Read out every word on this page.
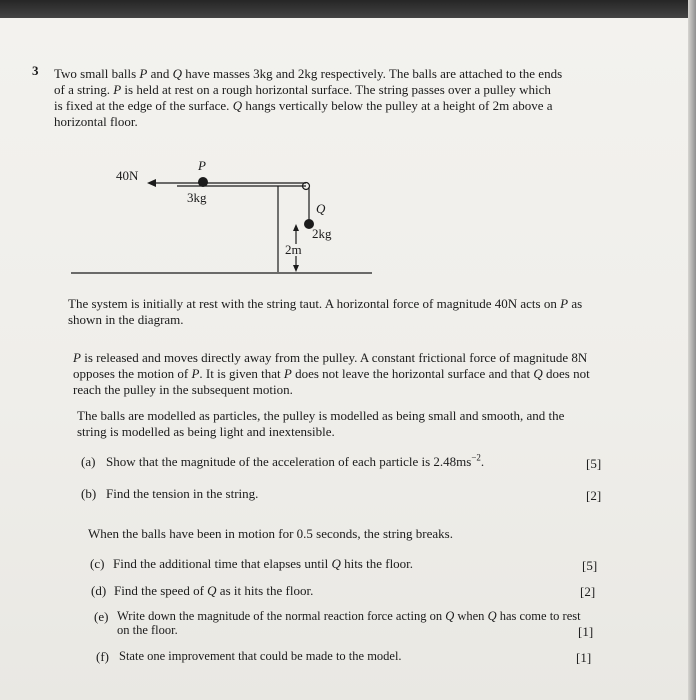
3 Two small balls P and Q have masses 3kg and 2kg respectively. The balls are attached to the ends

of a string. P is held at rest on a rough horizontal surface. The string passes over a pulley which

is fixed at the edge of the surface. Q hangs vertically below the pulley at a height of 2m above a

horizontal floor.

40N
P
3kg
Q
2kg
2m

The system is initially at rest with the string taut. A horizontal force of magnitude 40N acts on P as

shown in the diagram.

P is released and moves directly away from the pulley. A constant frictional force of magnitude 8N

opposes the motion of P. It is given that P does not leave the horizontal surface and that Q does not

reach the pulley in the subsequent motion.

The balls are modelled as particles, the pulley is modelled as being small and smooth, and the

string is modelled as being light and inextensible.

(a) Show that the magnitude of the acceleration of each particle is $2.48ms^{-2}$.	[5]

(b) Find the tension in the string.	[2]

When the balls have been in motion for 0.5 seconds, the string breaks.

(c) Find the additional time that elapses until Q hits the floor.	[5]

(d) Find the speed of Q as it hits the floor.	[2]

(e) Write down the magnitude of the normal reaction force acting on Q when Q has come to rest

on the floor.	[1]

(f) State one improvement that could be made to the model.	[1]
